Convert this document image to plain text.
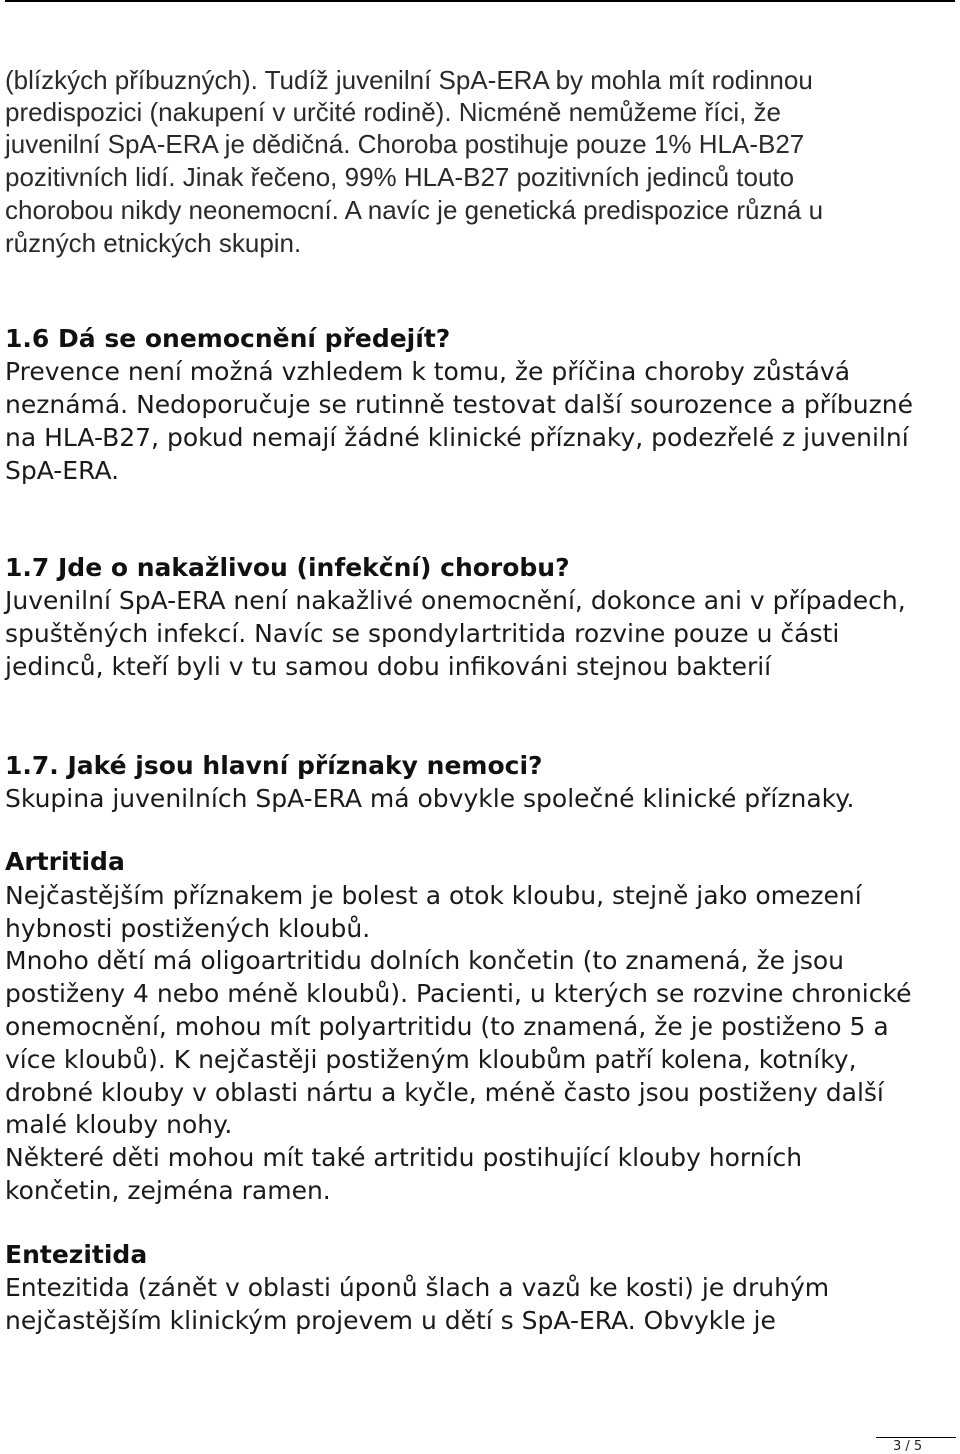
(blízkých příbuzných). Tudíž juvenilní SpA-ERA by mohla mít rodinnou

predispozici (nakupení v určité rodině). Nicméně nemůžeme říci, že

juvenilní SpA-ERA je dědičná. Choroba postihuje pouze 1% HLA-B27

pozitivních lidí. Jinak řečeno, 99% HLA-B27 pozitivních jedinců touto

chorobou nikdy neonemocní. A navíc je genetická predispozice různá u

různých etnických skupin.

1.6 Dá se onemocnění předejít?

Prevence není možná vzhledem k tomu, že příčina choroby zůstává

neznámá. Nedoporučuje se rutinně testovat další sourozence a příbuzné

na HLA-B27, pokud nemají žádné klinické příznaky, podezřelé z juvenilní

SpA-ERA.

1.7 Jde o nakažlivou (infekční) chorobu?

Juvenilní SpA-ERA není nakažlivé onemocnění, dokonce ani v případech,

spuštěných infekcí. Navíc se spondylartritida rozvine pouze u části

jedinců, kteří byli v tu samou dobu infikováni stejnou bakterií

1.7. Jaké jsou hlavní příznaky nemoci?

Skupina juvenilních SpA-ERA má obvykle společné klinické příznaky.

Artritida

Nejčastějším příznakem je bolest a otok kloubu, stejně jako omezení

hybnosti postižených kloubů.

Mnoho dětí má oligoartritidu dolních končetin (to znamená, že jsou

postiženy 4 nebo méně kloubů). Pacienti, u kterých se rozvine chronické

onemocnění, mohou mít polyartritidu (to znamená, že je postiženo 5 a

více kloubů). K nejčastěji postiženým kloubům patří kolena, kotníky,

drobné klouby v oblasti nártu a kyčle, méně často jsou postiženy další

malé klouby nohy.

Některé děti mohou mít také artritidu postihující klouby horních

končetin, zejména ramen.

Entezitida

Entezitida (zánět v oblasti úponů šlach a vazů ke kosti) je druhým

nejčastějším klinickým projevem u dětí s SpA-ERA. Obvykle je

3 / 5
